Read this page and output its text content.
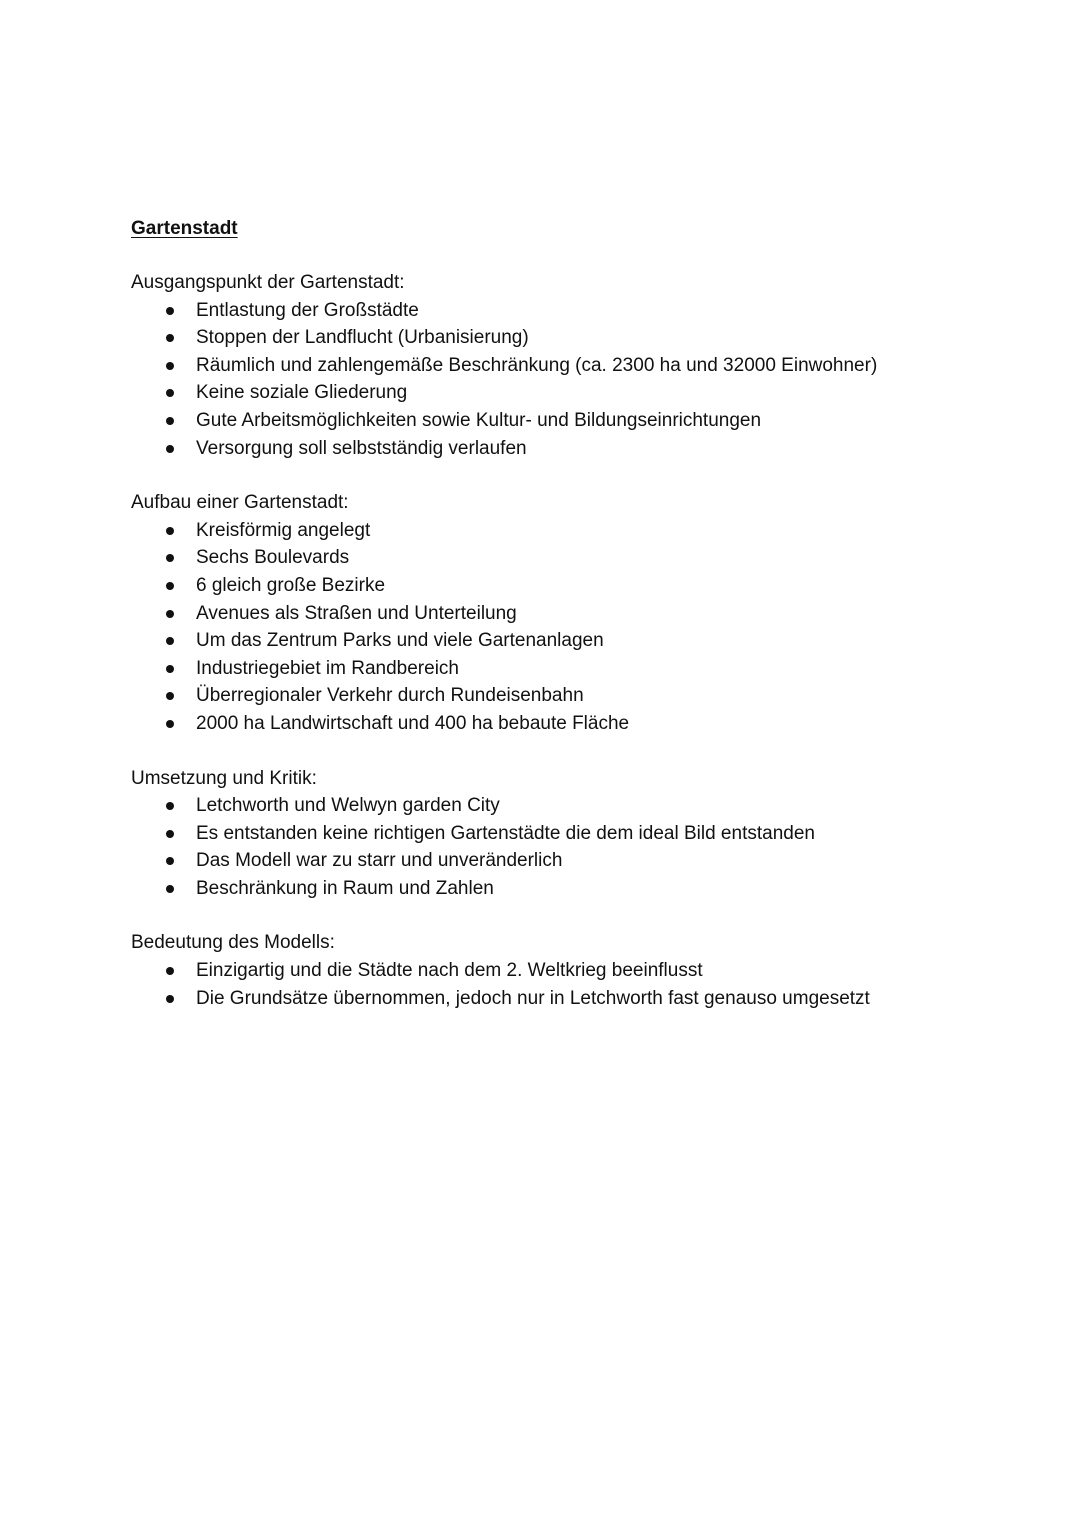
Gartenstadt

Ausgangspunkt der Gartenstadt:

Entlastung der Großstädte
Stoppen der Landflucht (Urbanisierung)
Räumlich und zahlengemäße Beschränkung (ca. 2300 ha und 32000 Einwohner)
Keine soziale Gliederung
Gute Arbeitsmöglichkeiten sowie Kultur- und Bildungseinrichtungen
Versorgung soll selbstständig verlaufen

Aufbau einer Gartenstadt:

Kreisförmig angelegt
Sechs Boulevards
6 gleich große Bezirke
Avenues als Straßen und Unterteilung
Um das Zentrum Parks und viele Gartenanlagen
Industriegebiet im Randbereich
Überregionaler Verkehr durch Rundeisenbahn
2000 ha Landwirtschaft und 400 ha bebaute Fläche

Umsetzung und Kritik:

Letchworth und Welwyn garden City
Es entstanden keine richtigen Gartenstädte die dem ideal Bild entstanden
Das Modell war zu starr und unveränderlich
Beschränkung in Raum und Zahlen

Bedeutung des Modells:

Einzigartig und die Städte nach dem 2. Weltkrieg beeinflusst
Die Grundsätze übernommen, jedoch nur in Letchworth fast genauso umgesetzt
